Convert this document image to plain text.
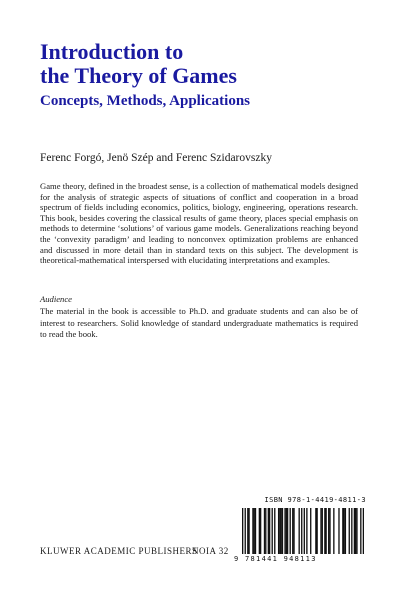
Introduction to
the Theory of Games
Concepts, Methods, Applications
Ferenc Forgó, Jenö Szép and Ferenc Szidarovszky

Game theory, defined in the broadest sense, is a collection of mathematical models designed for the analysis of strategic aspects of situations of conflict and cooperation in a broad spectrum of fields including economics, politics, biology, engineering, operations research. This book, besides covering the classical results of game theory, places special emphasis on methods to determine ‘solutions’ of various game models. Generalizations reaching beyond the ‘convexity paradigm’ and leading to nonconvex optimization problems are enhanced and discussed in more detail than in standard texts on this subject. The development is theoretical-mathematical interspersed with elucidating interpretations and examples.

Audience

The material in the book is accessible to Ph.D. and graduate students and can also be of interest to researchers. Solid knowledge of standard undergraduate mathematics is required to read the book.

ISBN 978-1-4419-4811-3
9 781441 948113
KLUWER ACADEMIC PUBLISHERS
NOIA 32
